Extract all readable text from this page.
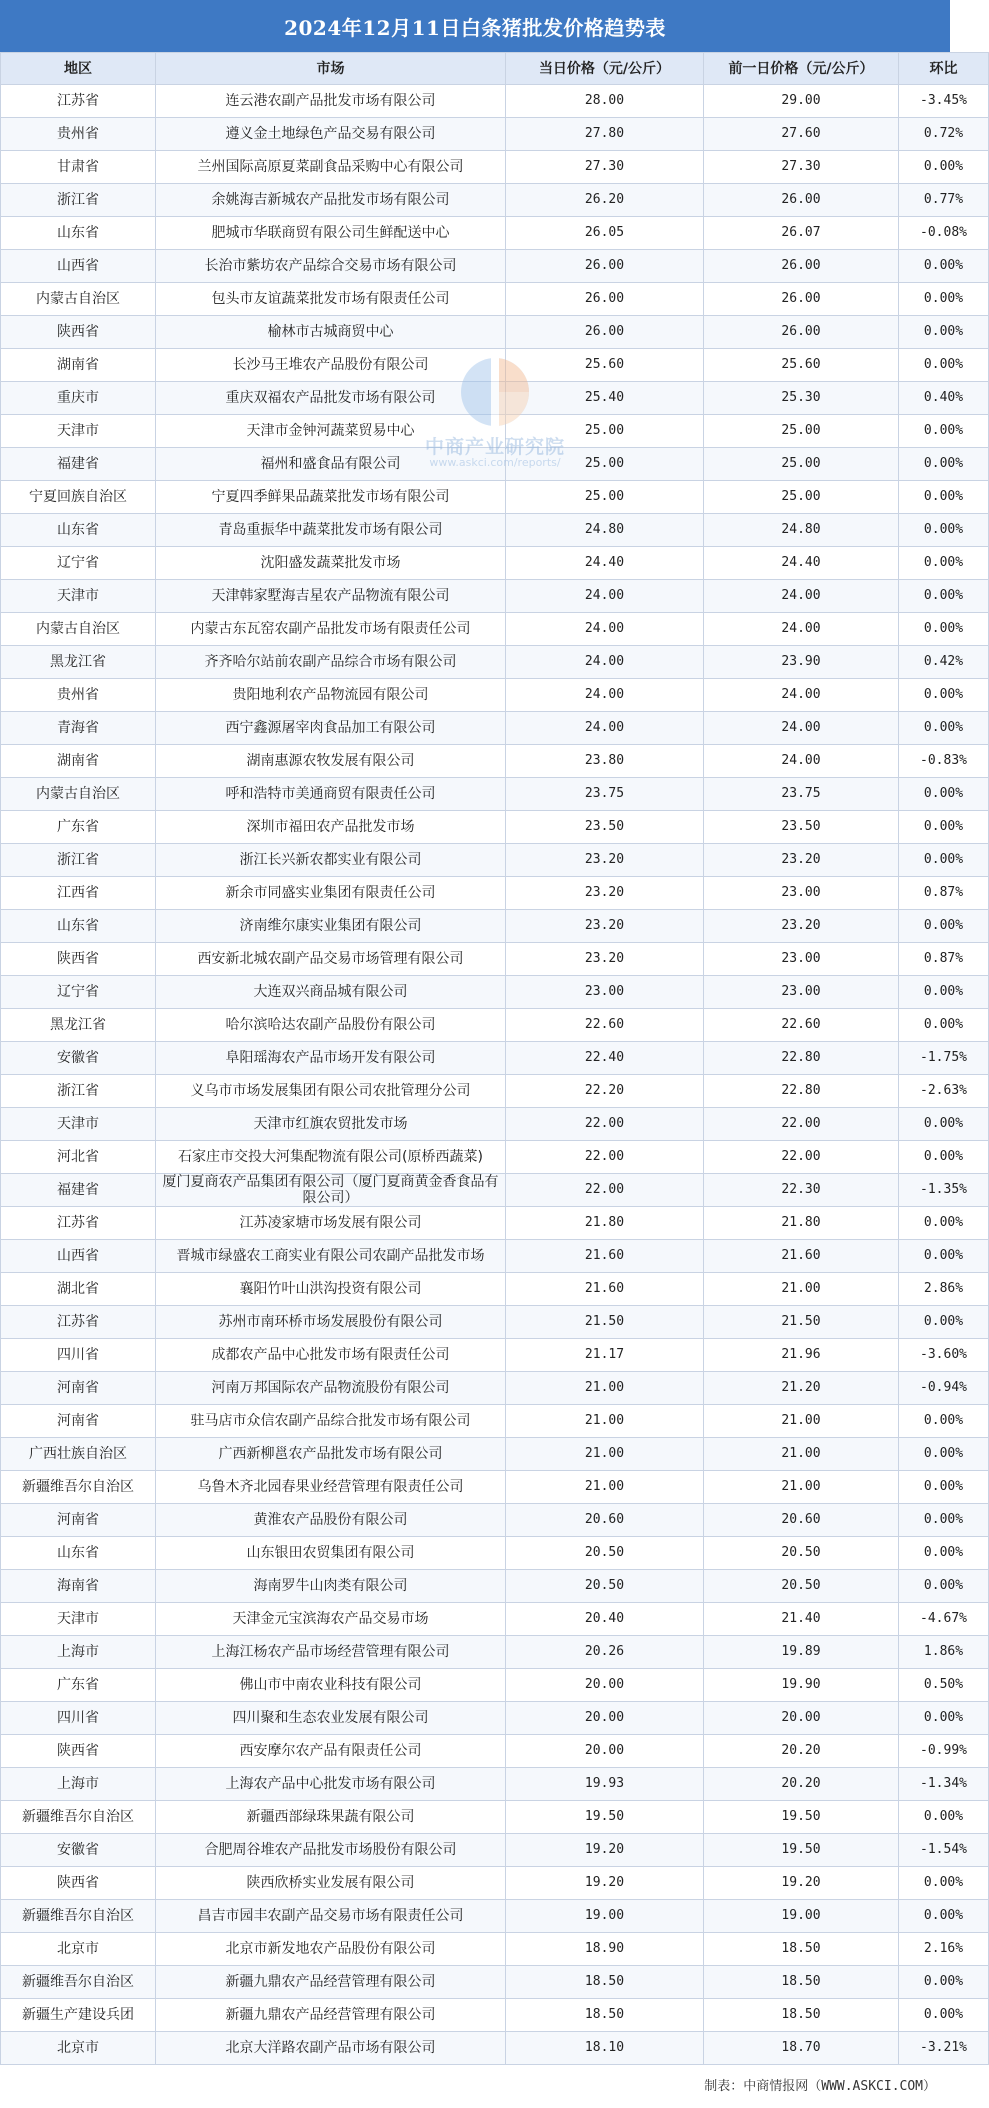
2024年12月11日白条猪批发价格趋势表
地区	市场	当日价格（元/公斤）	前一日价格（元/公斤）	环比
江苏省	连云港农副产品批发市场有限公司	28.00	29.00	-3.45%
贵州省	遵义金土地绿色产品交易有限公司	27.80	27.60	0.72%
甘肃省	兰州国际高原夏菜副食品采购中心有限公司	27.30	27.30	0.00%
浙江省	余姚海吉新城农产品批发市场有限公司	26.20	26.00	0.77%
山东省	肥城市华联商贸有限公司生鲜配送中心	26.05	26.07	-0.08%
山西省	长治市紫坊农产品综合交易市场有限公司	26.00	26.00	0.00%
内蒙古自治区	包头市友谊蔬菜批发市场有限责任公司	26.00	26.00	0.00%
陕西省	榆林市古城商贸中心	26.00	26.00	0.00%
湖南省	长沙马王堆农产品股份有限公司	25.60	25.60	0.00%
重庆市	重庆双福农产品批发市场有限公司	25.40	25.30	0.40%
天津市	天津市金钟河蔬菜贸易中心	25.00	25.00	0.00%
福建省	福州和盛食品有限公司	25.00	25.00	0.00%
宁夏回族自治区	宁夏四季鲜果品蔬菜批发市场有限公司	25.00	25.00	0.00%
山东省	青岛重振华中蔬菜批发市场有限公司	24.80	24.80	0.00%
辽宁省	沈阳盛发蔬菜批发市场	24.40	24.40	0.00%
天津市	天津韩家墅海吉星农产品物流有限公司	24.00	24.00	0.00%
内蒙古自治区	内蒙古东瓦窑农副产品批发市场有限责任公司	24.00	24.00	0.00%
黑龙江省	齐齐哈尔站前农副产品综合市场有限公司	24.00	23.90	0.42%
贵州省	贵阳地利农产品物流园有限公司	24.00	24.00	0.00%
青海省	西宁鑫源屠宰肉食品加工有限公司	24.00	24.00	0.00%
湖南省	湖南惠源农牧发展有限公司	23.80	24.00	-0.83%
内蒙古自治区	呼和浩特市美通商贸有限责任公司	23.75	23.75	0.00%
广东省	深圳市福田农产品批发市场	23.50	23.50	0.00%
浙江省	浙江长兴新农都实业有限公司	23.20	23.20	0.00%
江西省	新余市同盛实业集团有限责任公司	23.20	23.00	0.87%
山东省	济南维尔康实业集团有限公司	23.20	23.20	0.00%
陕西省	西安新北城农副产品交易市场管理有限公司	23.20	23.00	0.87%
辽宁省	大连双兴商品城有限公司	23.00	23.00	0.00%
黑龙江省	哈尔滨哈达农副产品股份有限公司	22.60	22.60	0.00%
安徽省	阜阳瑶海农产品市场开发有限公司	22.40	22.80	-1.75%
浙江省	义乌市市场发展集团有限公司农批管理分公司	22.20	22.80	-2.63%
天津市	天津市红旗农贸批发市场	22.00	22.00	0.00%
河北省	石家庄市交投大河集配物流有限公司(原桥西蔬菜)	22.00	22.00	0.00%
福建省	厦门夏商农产品集团有限公司（厦门夏商黄金香食品有限公司）	22.00	22.30	-1.35%
江苏省	江苏凌家塘市场发展有限公司	21.80	21.80	0.00%
山西省	晋城市绿盛农工商实业有限公司农副产品批发市场	21.60	21.60	0.00%
湖北省	襄阳竹叶山洪沟投资有限公司	21.60	21.00	2.86%
江苏省	苏州市南环桥市场发展股份有限公司	21.50	21.50	0.00%
四川省	成都农产品中心批发市场有限责任公司	21.17	21.96	-3.60%
河南省	河南万邦国际农产品物流股份有限公司	21.00	21.20	-0.94%
河南省	驻马店市众信农副产品综合批发市场有限公司	21.00	21.00	0.00%
广西壮族自治区	广西新柳邕农产品批发市场有限公司	21.00	21.00	0.00%
新疆维吾尔自治区	乌鲁木齐北园春果业经营管理有限责任公司	21.00	21.00	0.00%
河南省	黄淮农产品股份有限公司	20.60	20.60	0.00%
山东省	山东银田农贸集团有限公司	20.50	20.50	0.00%
海南省	海南罗牛山肉类有限公司	20.50	20.50	0.00%
天津市	天津金元宝滨海农产品交易市场	20.40	21.40	-4.67%
上海市	上海江杨农产品市场经营管理有限公司	20.26	19.89	1.86%
广东省	佛山市中南农业科技有限公司	20.00	19.90	0.50%
四川省	四川聚和生态农业发展有限公司	20.00	20.00	0.00%
陕西省	西安摩尔农产品有限责任公司	20.00	20.20	-0.99%
上海市	上海农产品中心批发市场有限公司	19.93	20.20	-1.34%
新疆维吾尔自治区	新疆西部绿珠果蔬有限公司	19.50	19.50	0.00%
安徽省	合肥周谷堆农产品批发市场股份有限公司	19.20	19.50	-1.54%
陕西省	陕西欣桥实业发展有限公司	19.20	19.20	0.00%
新疆维吾尔自治区	昌吉市园丰农副产品交易市场有限责任公司	19.00	19.00	0.00%
北京市	北京市新发地农产品股份有限公司	18.90	18.50	2.16%
新疆维吾尔自治区	新疆九鼎农产品经营管理有限公司	18.50	18.50	0.00%
新疆生产建设兵团	新疆九鼎农产品经营管理有限公司	18.50	18.50	0.00%
北京市	北京大洋路农副产品市场有限公司	18.10	18.70	-3.21%
中商产业研究院
www.askci.com/reports/
制表：中商情报网（WWW.ASKCI.COM）
